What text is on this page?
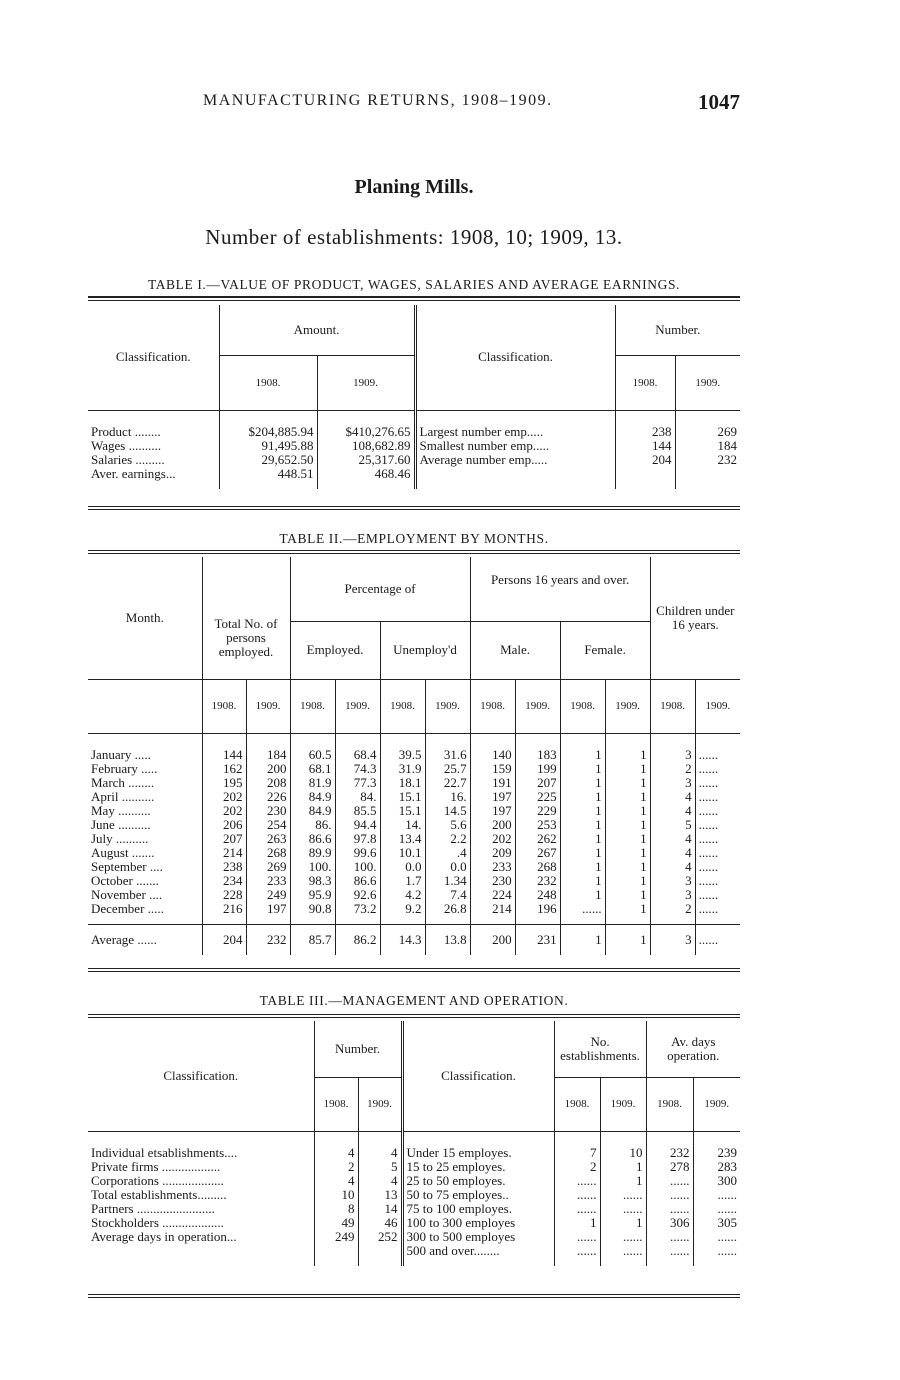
MANUFACTURING RETURNS, 1908–1909.	1047
Planing Mills.
Number of establishments: 1908, 10; 1909, 13.
TABLE I.—VALUE OF PRODUCT, WAGES, SALARIES AND AVERAGE EARNINGS.
Classification.	Amount.		Classification.	Number.	
	1908.	1909.		1908.	1909.

Product ........	$204,885.94	$410,276.65	Largest number emp.....	238	269
Wages ..........	91,495.88	108,682.89	Smallest number emp.....	144	184
Salaries .........	29,652.50	25,317.60	Average number emp.....	204	232
Aver. earnings...	448.51	468.46			

TABLE II.—EMPLOYMENT BY MONTHS.
Month.	Total No. of persons employed.		Percentage of				Persons 16 years and over.				Children under 16 years.	
			Employed.		Unemploy'd		Male.		Female.			
	1908.	1909.	1908.	1909.	1908.	1909.	1908.	1909.	1908.	1909.	1908.	1909.

January .....	144	184	60.5	68.4	39.5	31.6	140	183	1	1	3	......
February .....	162	200	68.1	74.3	31.9	25.7	159	199	1	1	2	......
March ........	195	208	81.9	77.3	18.1	22.7	191	207	1	1	3	......
April ..........	202	226	84.9	84.	15.1	16.	197	225	1	1	4	......
May ..........	202	230	84.9	85.5	15.1	14.5	197	229	1	1	4	......
June ..........	206	254	86.	94.4	14.	5.6	200	253	1	1	5	......
July ..........	207	263	86.6	97.8	13.4	2.2	202	262	1	1	4	......
August .......	214	268	89.9	99.6	10.1	.4	209	267	1	1	4	......
September ....	238	269	100.	100.	0.0	0.0	233	268	1	1	4	......
October .......	234	233	98.3	86.6	1.7	1.34	230	232	1	1	3	......
November ....	228	249	95.9	92.6	4.2	7.4	224	248	1	1	3	......
December .....	216	197	90.8	73.2	9.2	26.8	214	196	......	1	2	......

Average ......	204	232	85.7	86.2	14.3	13.8	200	231	1	1	3	......

TABLE III.—MANAGEMENT AND OPERATION.
Classification.	Number.		Classification.	No. establishments.		Av. days operation.	
	1908.	1909.		1908.	1909.	1908.	1909.

Individual etsablishments....	4	4	Under 15 employes.	7	10	232	239
Private firms ..................	2	5	15 to 25 employes.	2	1	278	283
Corporations ...................	4	4	25 to 50 employes.	......	1	......	300
Total establishments.........	10	13	50 to 75 employes..	......	......	......	......
Partners ........................	8	14	75 to 100 employes.	......	......	......	......
Stockholders ...................	49	46	100 to 300 employes	1	1	306	305
Average days in operation...	249	252	300 to 500 employes	......	......	......	......
			500 and over........	......	......	......	......
